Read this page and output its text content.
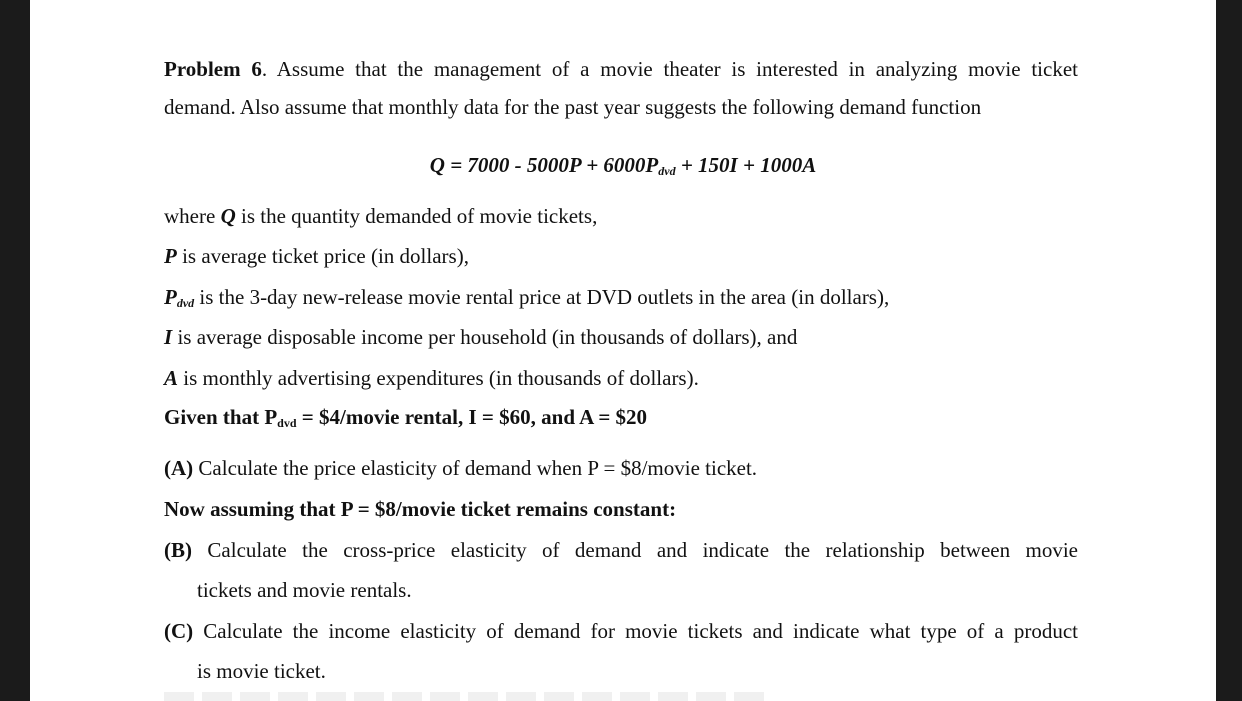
Problem 6. Assume that the management of a movie theater is interested in analyzing movie ticket
demand. Also assume that monthly data for the past year suggests the following demand function
$Q = 7000 - 5000P + 6000P_{dvd} + 150I + 1000A$
where Q is the quantity demanded of movie tickets,
P is average ticket price (in dollars),
$P_{dvd}$ is the 3-day new-release movie rental price at DVD outlets in the area (in dollars),
I is average disposable income per household (in thousands of dollars), and
A is monthly advertising expenditures (in thousands of dollars).
Given that $P_{dvd}$ = $4/movie rental, I = $60, and A = $20
(A) Calculate the price elasticity of demand when P = $8/movie ticket.
Now assuming that P = $8/movie ticket remains constant:
(B) Calculate the cross-price elasticity of demand and indicate the relationship between movie
tickets and movie rentals.
(C) Calculate the income elasticity of demand for movie tickets and indicate what type of a product
is movie ticket.
